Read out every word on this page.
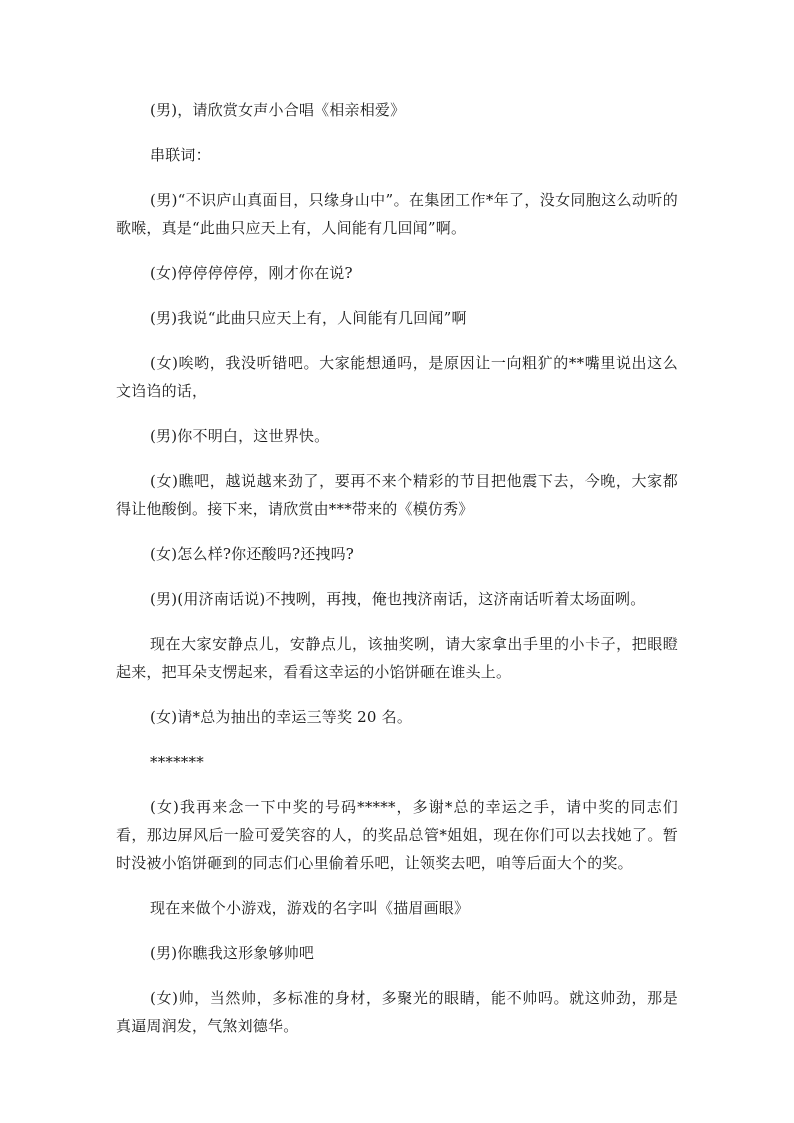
(男)，请欣赏女声小合唱《相亲相爱》

串联词：

(男)“不识庐山真面目，只缘身山中”。在集团工作*年了，没女同胞这么动听的歌喉，真是“此曲只应天上有，人间能有几回闻”啊。

(女)停停停停停，刚才你在说?

(男)我说“此曲只应天上有，人间能有几回闻”啊

(女)唉哟，我没听错吧。大家能想通吗，是原因让一向粗犷的**嘴里说出这么文诌诌的话，

(男)你不明白，这世界快。

(女)瞧吧，越说越来劲了，要再不来个精彩的节目把他震下去，今晚，大家都得让他酸倒。接下来，请欣赏由***带来的《模仿秀》

(女)怎么样?你还酸吗?还拽吗?

(男)(用济南话说)不拽咧，再拽，俺也拽济南话，这济南话听着太场面咧。

现在大家安静点儿，安静点儿，该抽奖咧，请大家拿出手里的小卡子，把眼瞪起来，把耳朵支愣起来，看看这幸运的小馅饼砸在谁头上。

(女)请*总为抽出的幸运三等奖 20 名。

*******

(女)我再来念一下中奖的号码*****，多谢*总的幸运之手，请中奖的同志们看，那边屏风后一脸可爱笑容的人，的奖品总管*姐姐，现在你们可以去找她了。暂时没被小馅饼砸到的同志们心里偷着乐吧，让领奖去吧，咱等后面大个的奖。

现在来做个小游戏，游戏的名字叫《描眉画眼》

(男)你瞧我这形象够帅吧

(女)帅，当然帅，多标准的身材，多聚光的眼睛，能不帅吗。就这帅劲，那是真逼周润发，气煞刘德华。
